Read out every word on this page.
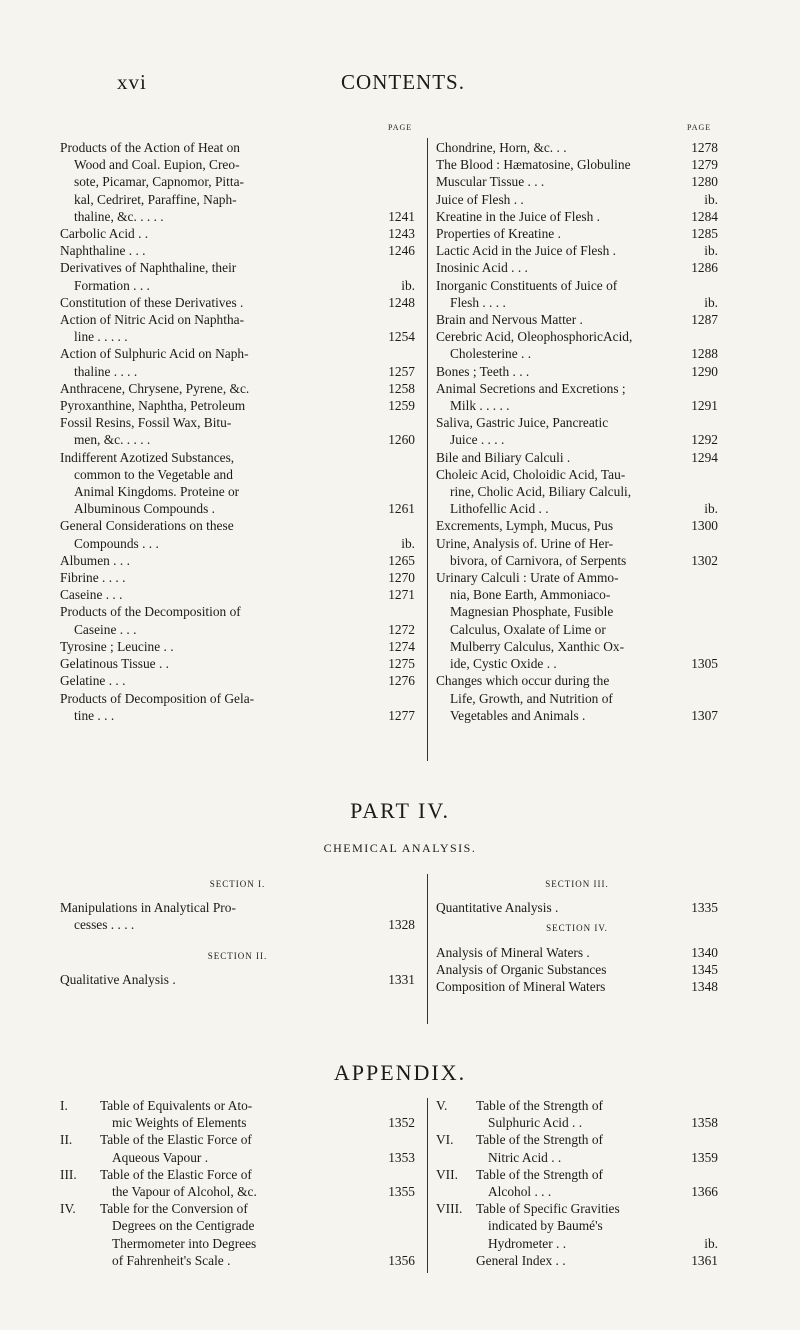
xvi	CONTENTS.
PAGE	PAGE
Products of the Action of Heat on
Wood and Coal. Eupion, Creo-
sote, Picamar, Capnomor, Pitta-
kal, Cedriret, Paraffine, Naph-
thaline, &c. . . . .	1241
Carbolic Acid . .	1243
Naphthaline . . .	1246
Derivatives of Naphthaline, their
Formation . . .	ib.
Constitution of these Derivatives .	1248
Action of Nitric Acid on Naphtha-
line . . . . .	1254
Action of Sulphuric Acid on Naph-
thaline . . . .	1257
Anthracene, Chrysene, Pyrene, &c.	1258
Pyroxanthine, Naphtha, Petroleum	1259
Fossil Resins, Fossil Wax, Bitu-
men, &c. . . . .	1260
Indifferent Azotized Substances,
common to the Vegetable and
Animal Kingdoms. Proteine or
Albuminous Compounds .	1261
General Considerations on these
Compounds . . .	ib.
Albumen . . .	1265
Fibrine . . . .	1270
Caseine . . .	1271
Products of the Decomposition of
Caseine . . .	1272
Tyrosine ; Leucine . .	1274
Gelatinous Tissue . .	1275
Gelatine . . .	1276
Products of Decomposition of Gela-
tine . . .	1277
Chondrine, Horn, &c. . .	1278
The Blood : Hæmatosine, Globuline	1279
Muscular Tissue . . .	1280
Juice of Flesh . .	ib.
Kreatine in the Juice of Flesh .	1284
Properties of Kreatine .	1285
Lactic Acid in the Juice of Flesh .	ib.
Inosinic Acid . . .	1286
Inorganic Constituents of Juice of
Flesh . . . .	ib.
Brain and Nervous Matter .	1287
Cerebric Acid, OleophosphoricAcid,
Cholesterine . .	1288
Bones ; Teeth . . .	1290
Animal Secretions and Excretions ;
Milk . . . . .	1291
Saliva, Gastric Juice, Pancreatic
Juice . . . .	1292
Bile and Biliary Calculi .	1294
Choleic Acid, Choloidic Acid, Tau-
rine, Cholic Acid, Biliary Calculi,
Lithofellic Acid . .	ib.
Excrements, Lymph, Mucus, Pus	1300
Urine, Analysis of. Urine of Her-
bivora, of Carnivora, of Serpents	1302
Urinary Calculi : Urate of Ammo-
nia, Bone Earth, Ammoniaco-
Magnesian Phosphate, Fusible
Calculus, Oxalate of Lime or
Mulberry Calculus, Xanthic Ox-
ide, Cystic Oxide . .	1305
Changes which occur during the
Life, Growth, and Nutrition of
Vegetables and Animals .	1307
PART IV.
CHEMICAL ANALYSIS.
SECTION I.
Manipulations in Analytical Pro-
cesses . . . .	1328
SECTION II.
Qualitative Analysis .	1331
SECTION III.
Quantitative Analysis .	1335
SECTION IV.
Analysis of Mineral Waters .	1340
Analysis of Organic Substances	1345
Composition of Mineral Waters	1348
APPENDIX.
I. Table of Equivalents or Ato-
mic Weights of Elements	1352
II. Table of the Elastic Force of
Aqueous Vapour .	1353
III. Table of the Elastic Force of
the Vapour of Alcohol, &c.	1355
IV. Table for the Conversion of
Degrees on the Centigrade
Thermometer into Degrees
of Fahrenheit's Scale .	1356
V. Table of the Strength of
Sulphuric Acid . .	1358
VI. Table of the Strength of
Nitric Acid . .	1359
VII. Table of the Strength of
Alcohol . . .	1366
VIII. Table of Specific Gravities
indicated by Baumé's
Hydrometer . .	ib.
General Index . .	1361
